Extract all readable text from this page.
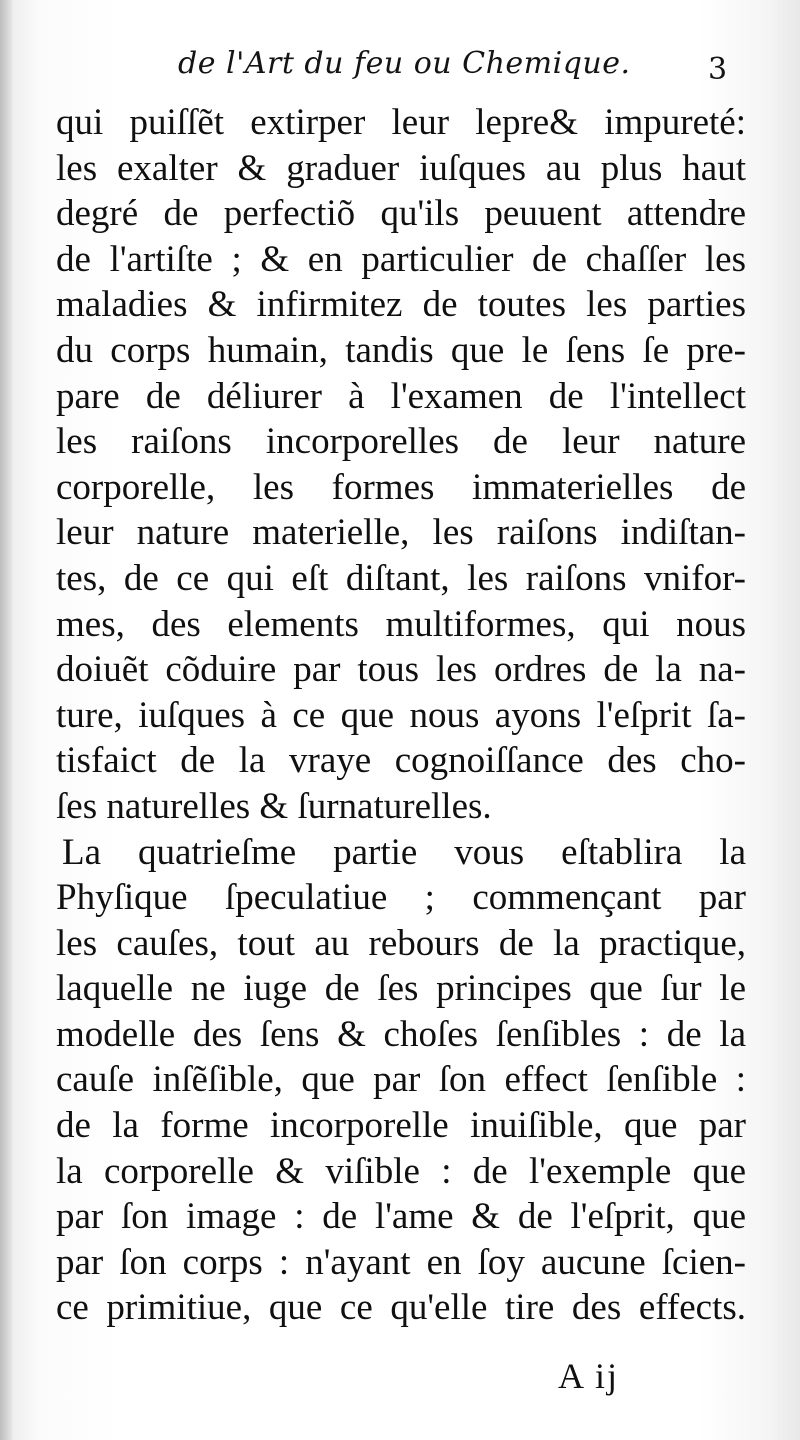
de l'Art du feu ou Chemique.	3
qui puiſſẽt extirper leur lepre& impureté:
les exalter & graduer iuſques au plus haut
degré de perfectiõ qu'ils peuuent attendre
de l'artiſte ; & en particulier de chaſſer les
maladies & infirmitez de toutes les parties
du corps humain, tandis que le ſens ſe pre-
pare de déliurer à l'examen de l'intellect
les raiſons incorporelles de leur nature
corporelle, les formes immaterielles de
leur nature materielle, les raiſons indiſtan-
tes, de ce qui eſt diſtant, les raiſons vnifor-
mes, des elements multiformes, qui nous
doiuẽt cõduire par tous les ordres de la na-
ture, iuſques à ce que nous ayons l'eſprit ſa-
tisfaict de la vraye cognoiſſance des cho-
ſes naturelles & ſurnaturelles.
La quatrieſme partie vous eſtablira la
Phyſique ſpeculatiue ; commençant par
les cauſes, tout au rebours de la practique,
laquelle ne iuge de ſes principes que ſur le
modelle des ſens & choſes ſenſibles : de la
cauſe inſẽſible, que par ſon effect ſenſible :
de la forme incorporelle inuiſible, que par
la corporelle & viſible : de l'exemple que
par ſon image : de l'ame & de l'eſprit, que
par ſon corps : n'ayant en ſoy aucune ſcien-
ce primitiue, que ce qu'elle tire des effects.
A ij
